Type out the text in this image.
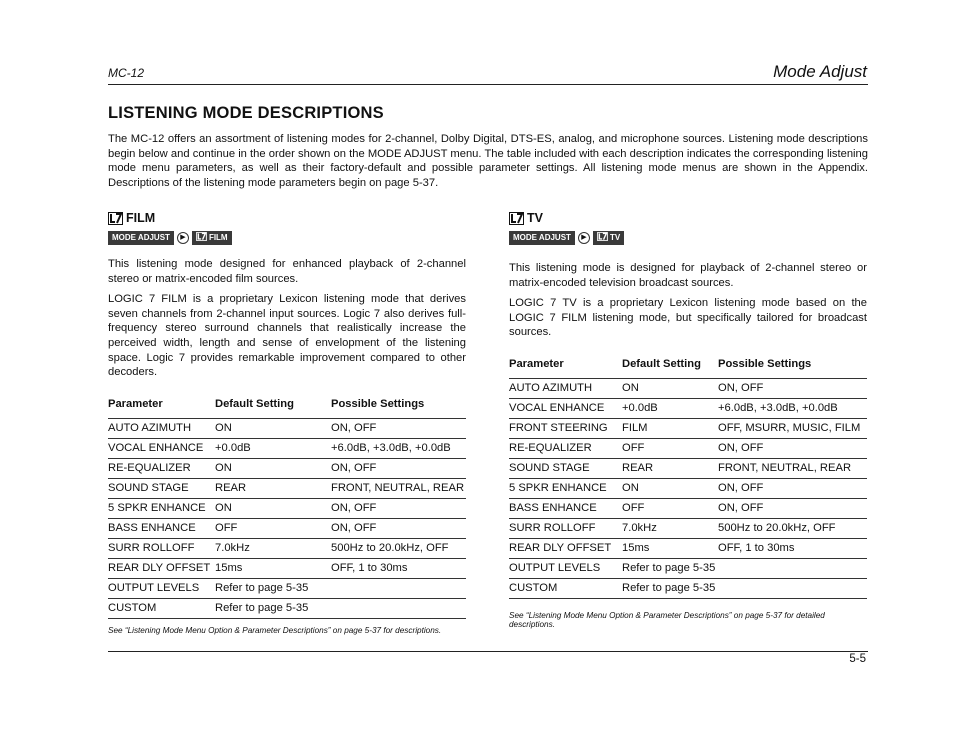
MC-12	Mode Adjust
LISTENING MODE DESCRIPTIONS
The MC-12 offers an assortment of listening modes for 2-channel, Dolby Digital, DTS-ES, analog, and microphone sources. Listening mode descriptions begin below and continue in the order shown on the MODE ADJUST menu. The table included with each description indicates the corresponding listening mode menu parameters, as well as their factory-default and possible parameter settings. All listening mode menus are shown in the Appendix. Descriptions of the listening mode parameters begin on page 5-37.
FILM
MODE ADJUST	▶	FILM

This listening mode designed for enhanced playback of 2-channel stereo or matrix-encoded film sources.

LOGIC 7 FILM is a proprietary Lexicon listening mode that derives seven channels from 2-channel input sources. Logic 7 also derives full-frequency stereo surround channels that realistically increase the perceived width, length and sense of envelopment of the listening space. Logic 7 provides remarkable improvement compared to other decoders.

Parameter	Default Setting	Possible Settings
AUTO AZIMUTH	ON	ON, OFF
VOCAL ENHANCE	+0.0dB	+6.0dB, +3.0dB, +0.0dB
RE-EQUALIZER	ON	ON, OFF
SOUND STAGE	REAR	FRONT, NEUTRAL, REAR
5 SPKR ENHANCE	ON	ON, OFF
BASS ENHANCE	OFF	ON, OFF
SURR ROLLOFF	7.0kHz	500Hz to 20.0kHz, OFF
REAR DLY OFFSET	15ms	OFF, 1 to 30ms
OUTPUT LEVELS	Refer to page 5-35	
CUSTOM	Refer to page 5-35	
See “Listening Mode Menu Option & Parameter Descriptions” on page 5-37 for descriptions.
TV
MODE ADJUST	▶	TV

This listening mode is designed for playback of 2-channel stereo or matrix-encoded television broadcast sources.

LOGIC 7 TV is a proprietary Lexicon listening mode based on the LOGIC 7 FILM listening mode, but specifically tailored for broadcast sources.

Parameter	Default Setting	Possible Settings
AUTO AZIMUTH	ON	ON, OFF
VOCAL ENHANCE	+0.0dB	+6.0dB, +3.0dB, +0.0dB
FRONT STEERING	FILM	OFF, MSURR, MUSIC, FILM
RE-EQUALIZER	OFF	ON, OFF
SOUND STAGE	REAR	FRONT, NEUTRAL, REAR
5 SPKR ENHANCE	ON	ON, OFF
BASS ENHANCE	OFF	ON, OFF
SURR ROLLOFF	7.0kHz	500Hz to 20.0kHz, OFF
REAR DLY OFFSET	15ms	OFF, 1 to 30ms
OUTPUT LEVELS	Refer to page 5-35	
CUSTOM	Refer to page 5-35	
See “Listening Mode Menu Option & Parameter Descriptions” on page 5-37 for detailed descriptions.
5-5
